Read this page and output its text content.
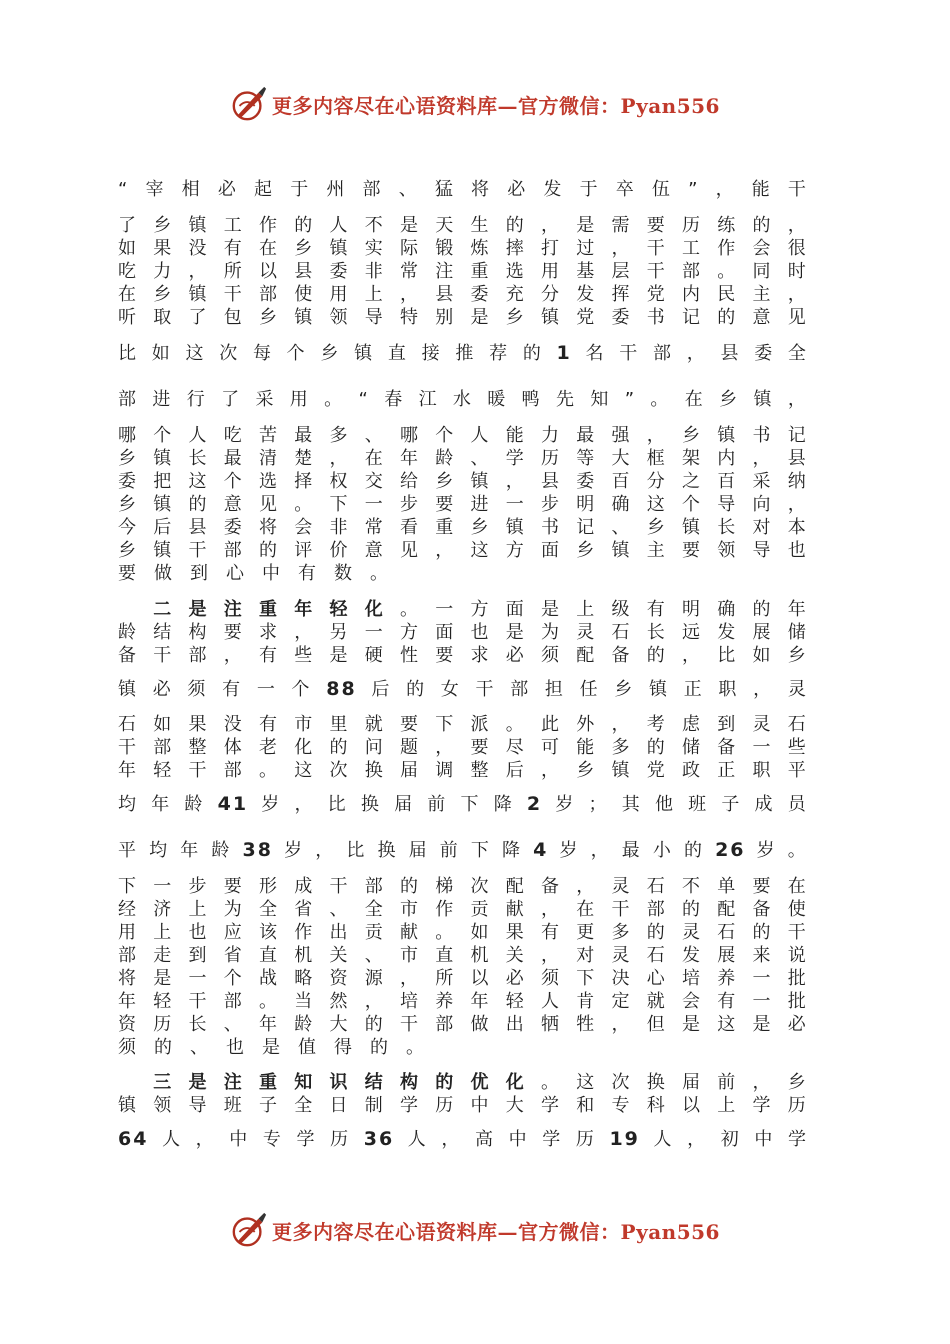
更多内容尽在心语资料库—官方微信：Pyan556
“ 宰 相 必 起 于 州 部 、 猛 将 必 发 于 卒 伍 ” ， 能 干
了 乡 镇 工 作 的 人 不 是 天 生 的 ， 是 需 要 历 练 的 ，
如 果 没 有 在 乡 镇 实 际 锻 炼 摔 打 过 ， 干 工 作 会 很
吃 力 ， 所 以 县 委 非 常 注 重 选 用 基 层 干 部 。 同 时
在 乡 镇 干 部 使 用 上 ， 县 委 充 分 发 挥 党 内 民 主 ，
听 取 了 包 乡 镇 领 导 特 别 是 乡 镇 党 委 书 记 的 意 见
比 如 这 次 每 个 乡 镇 直 接 推 荐 的 1 名 干 部 ， 县 委 全
部 进 行 了 采 用 。 “ 春 江 水 暖 鸭 先 知 ” 。 在 乡 镇 ，
哪 个 人 吃 苦 最 多 、 哪 个 人 能 力 最 强 ， 乡 镇 书 记
乡 镇 长 最 清 楚 ， 在 年 龄 、 学 历 等 大 框 架 内 ， 县
委 把 这 个 选 择 权 交 给 乡 镇 ， 县 委 百 分 之 百 采 纳
乡 镇 的 意 见 。 下 一 步 要 进 一 步 明 确 这 个 导 向 ，
今 后 县 委 将 会 非 常 看 重 乡 镇 书 记 、 乡 镇 长 对 本
乡 镇 干 部 的 评 价 意 见 ， 这 方 面 乡 镇 主 要 领 导 也
要 做 到 心 中 有 数 。

二 是 注 重 年 轻 化 。 一 方 面 是 上 级 有 明 确 的 年
龄 结 构 要 求 ， 另 一 方 面 也 是 为 灵 石 长 远 发 展 储
备 干 部 ， 有 些 是 硬 性 要 求 必 须 配 备 的 ， 比 如 乡
镇 必 须 有 一 个 88 后 的 女 干 部 担 任 乡 镇 正 职 ， 灵
石 如 果 没 有 市 里 就 要 下 派 。 此 外 ， 考 虑 到 灵 石
干 部 整 体 老 化 的 问 题 ， 要 尽 可 能 多 的 储 备 一 些
年 轻 干 部 。 这 次 换 届 调 整 后 ， 乡 镇 党 政 正 职 平
均 年 龄 41 岁 ， 比 换 届 前 下 降 2 岁 ； 其 他 班 子 成 员
平 均 年 龄 38 岁 ， 比 换 届 前 下 降 4 岁 ， 最 小 的 26 岁 。
下 一 步 要 形 成 干 部 的 梯 次 配 备 ， 灵 石 不 单 要 在
经 济 上 为 全 省 、 全 市 作 贡 献 ， 在 干 部 的 配 备 使
用 上 也 应 该 作 出 贡 献 。 如 果 有 更 多 的 灵 石 的 干
部 走 到 省 直 机 关 、 市 直 机 关 ， 对 灵 石 发 展 来 说
将 是 一 个 战 略 资 源 ， 所 以 必 须 下 决 心 培 养 一 批
年 轻 干 部 。 当 然 ， 培 养 年 轻 人 肯 定 就 会 有 一 批
资 历 长 、 年 龄 大 的 干 部 做 出 牺 牲 ， 但 是 这 是 必
须 的 、 也 是 值 得 的 。

三 是 注 重 知 识 结 构 的 优 化 。 这 次 换 届 前 ， 乡
镇 领 导 班 子 全 日 制 学 历 中 大 学 和 专 科 以 上 学 历
64 人 ， 中 专 学 历 36 人 ， 高 中 学 历 19 人 ， 初 中 学
更多内容尽在心语资料库—官方微信：Pyan556
